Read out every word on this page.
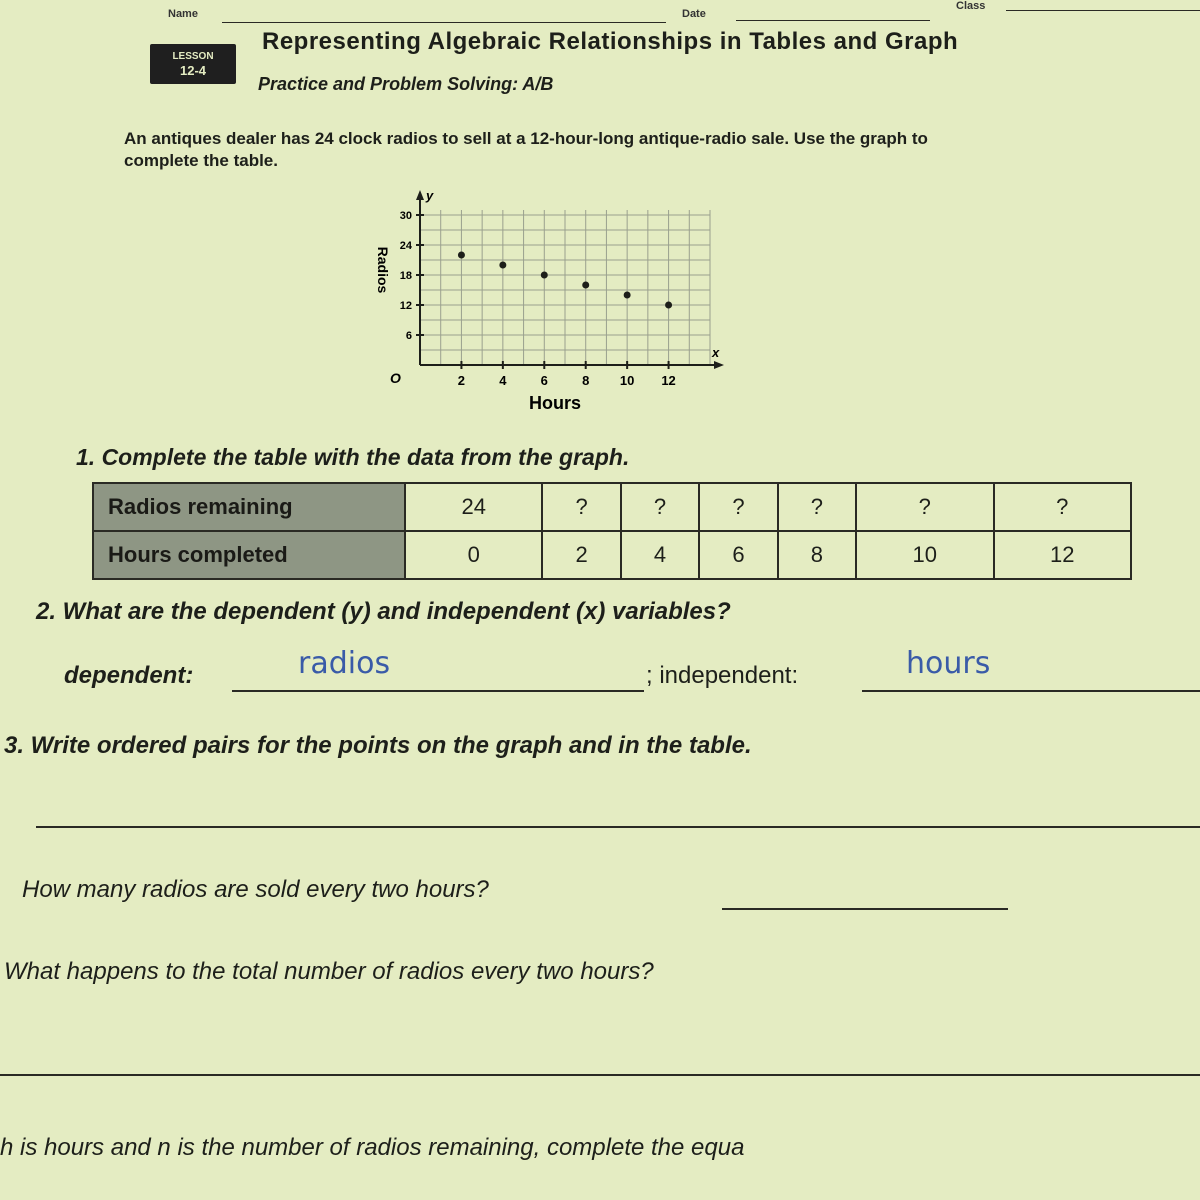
Name	Date
Class
LESSON
12-4
Representing Algebraic Relationships in Tables and Graph
Practice and Problem Solving: A/B
An antiques dealer has 24 clock radios to sell at a 12-hour-long antique-radio sale. Use the graph to complete the table.
x
y
O	2	4	6	8 10 12
6
12
18
24
30
Hours
Radios
1. Complete the table with the data from the graph.
Radios remaining	24	?	?	?	?	?	?
Hours completed	0	2	4	6	8	10	12
2. What are the dependent (y) and independent (x) variables?
dependent:	radios	; independent:	hours
3. Write ordered pairs for the points on the graph and in the table.
How many radios are sold every two hours?
What happens to the total number of radios every two hours?
h is hours and n is the number of radios remaining, complete the equa
